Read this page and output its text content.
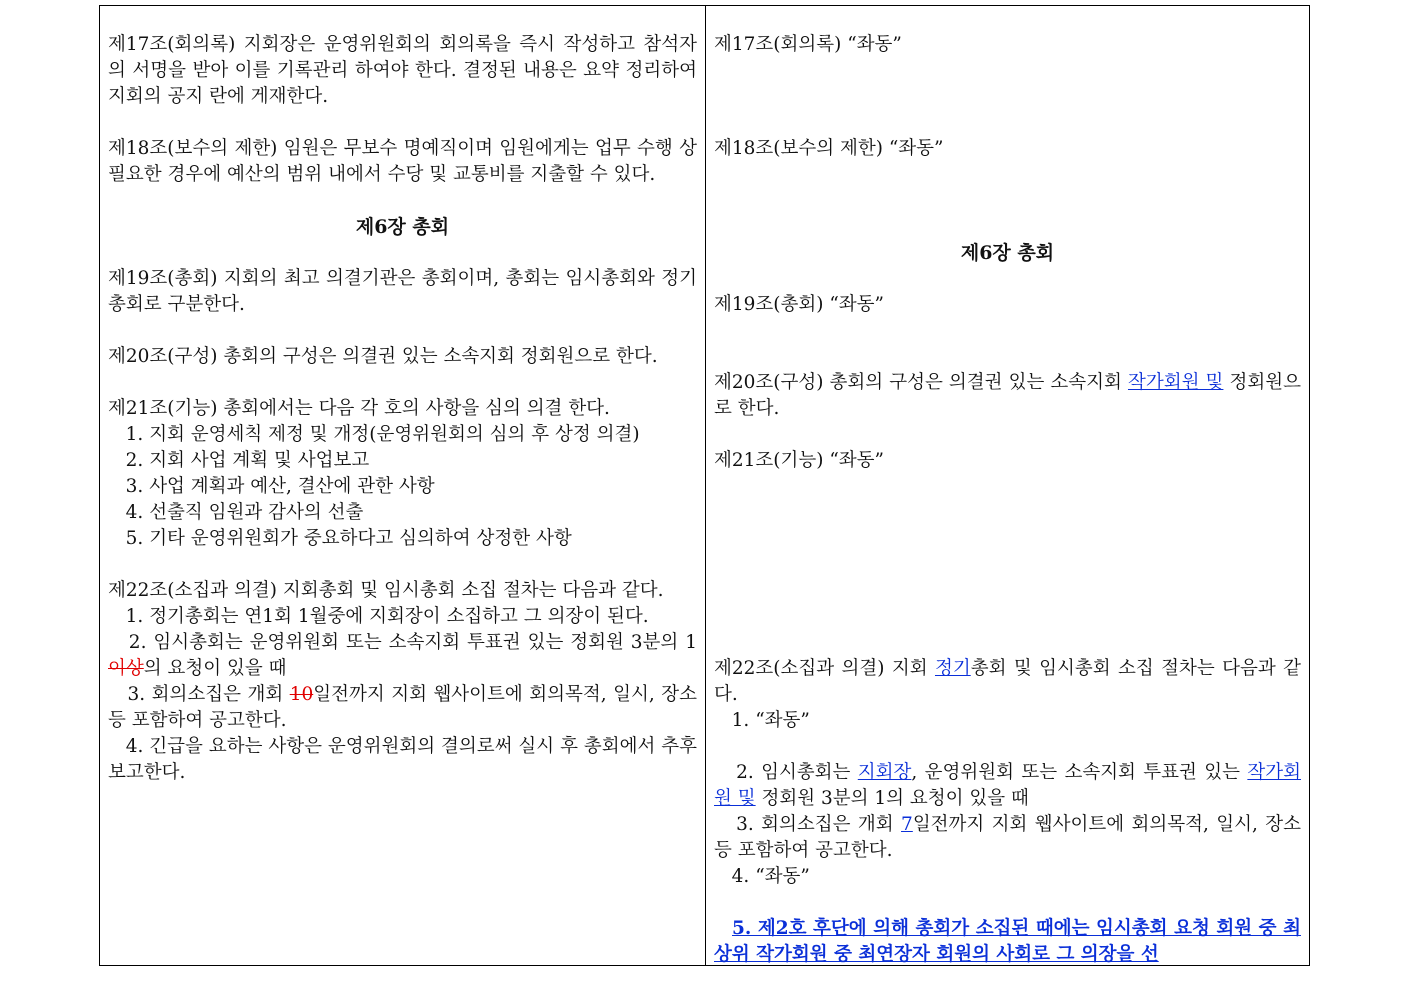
제17조(회의록) 지회장은 운영위원회의 회의록을 즉시 작성하고 참석자의 서명을 받아 이를 기록관리 하여야 한다. 결정된 내용은 요약 정리하여 지회의 공지 란에 게재한다.

제18조(보수의 제한) 임원은 무보수 명예직이며 임원에게는 업무 수행 상 필요한 경우에 예산의 범위 내에서 수당 및 교통비를 지출할 수 있다.

제6장 총회

제19조(총회) 지회의 최고 의결기관은 총회이며, 총회는 임시총회와 정기총회로 구분한다.

제20조(구성) 총회의 구성은 의결권 있는 소속지회 정회원으로 한다.

제21조(기능) 총회에서는 다음 각 호의 사항을 심의 의결 한다.

1. 지회 운영세칙 제정 및 개정(운영위원회의 심의 후 상정 의결)

2. 지회 사업 계획 및 사업보고

3. 사업 계획과 예산, 결산에 관한 사항

4. 선출직 임원과 감사의 선출

5. 기타 운영위원회가 중요하다고 심의하여 상정한 사항

제22조(소집과 의결) 지회총회 및 임시총회 소집 절차는 다음과 같다.

1. 정기총회는 연1회 1월중에 지회장이 소집하고 그 의장이 된다.

2. 임시총회는 운영위원회 또는 소속지회 투표권 있는 정회원 3분의 1이상의 요청이 있을 때

3. 회의소집은 개회 10일전까지 지회 웹사이트에 회의목적, 일시, 장소 등 포함하여 공고한다.

4. 긴급을 요하는 사항은 운영위원회의 결의로써 실시 후 총회에서 추후 보고한다.

제17조(회의록) “좌동”

제18조(보수의 제한) “좌동”

제6장 총회

제19조(총회) “좌동”

제20조(구성) 총회의 구성은 의결권 있는 소속지회 작가회원 및 정회원으로 한다.

제21조(기능) “좌동”

제22조(소집과 의결) 지회 정기총회 및 임시총회 소집 절차는 다음과 같다.

1. “좌동”

2. 임시총회는 지회장, 운영위원회 또는 소속지회 투표권 있는 작가회원 및 정회원 3분의 1의 요청이 있을 때

3. 회의소집은 개회 7일전까지 지회 웹사이트에 회의목적, 일시, 장소 등 포함하여 공고한다.

4. “좌동”

5. 제2호 후단에 의해 총회가 소집된 때에는 임시총회 요청 회원 중 최상위 작가회원 중 최연장자 회원의 사회로 그 의장을 선
